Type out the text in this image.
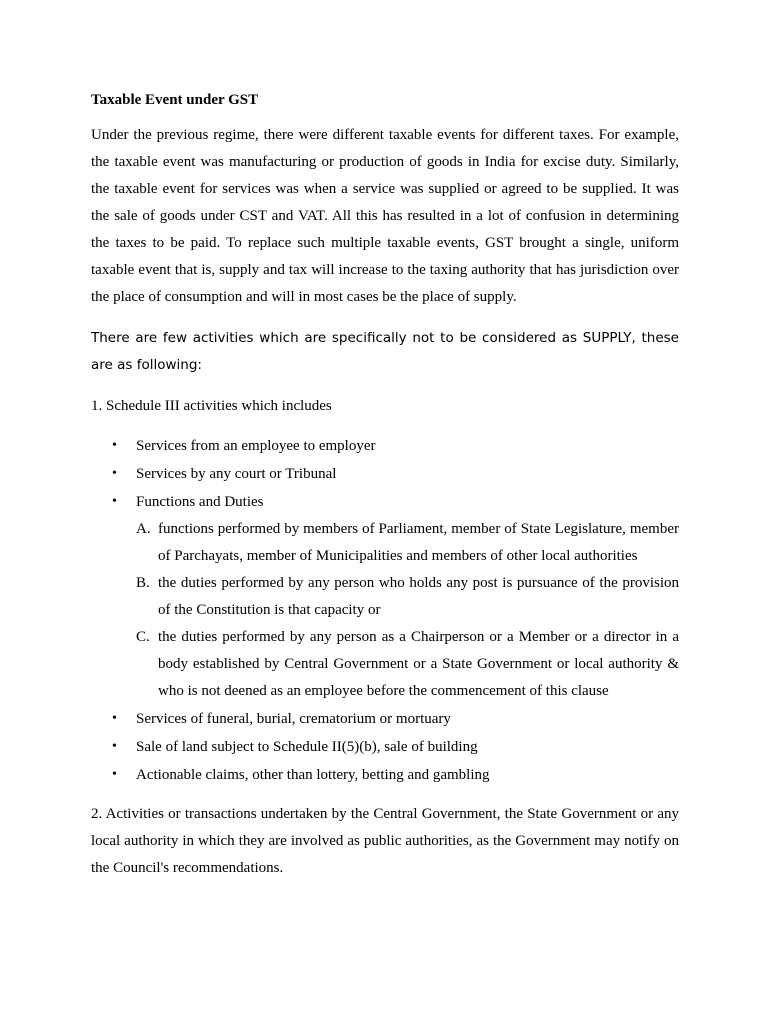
Taxable Event under GST

Under the previous regime, there were different taxable events for different taxes. For example, the taxable event was manufacturing or production of goods in India for excise duty. Similarly, the taxable event for services was when a service was supplied or agreed to be supplied. It was the sale of goods under CST and VAT. All this has resulted in a lot of confusion in determining the taxes to be paid. To replace such multiple taxable events, GST brought a single, uniform taxable event that is, supply and tax will increase to the taxing authority that has jurisdiction over the place of consumption and will in most cases be the place of supply.

There are few activities which are specifically not to be considered as SUPPLY, these are as following:

1. Schedule III activities which includes

• Services from an employee to employer
• Services by any court or Tribunal
• Functions and Duties
A. functions performed by members of Parliament, member of State Legislature, member of Parchayats, member of Municipalities and members of other local authorities
B. the duties performed by any person who holds any post is pursuance of the provision of the Constitution is that capacity or
C. the duties performed by any person as a Chairperson or a Member or a director in a body established by Central Government or a State Government or local authority & who is not deened as an employee before the commencement of this clause
• Services of funeral, burial, crematorium or mortuary
• Sale of land subject to Schedule II(5)(b), sale of building
• Actionable claims, other than lottery, betting and gambling

2. Activities or transactions undertaken by the Central Government, the State Government or any local authority in which they are involved as public authorities, as the Government may notify on the Council's recommendations.
